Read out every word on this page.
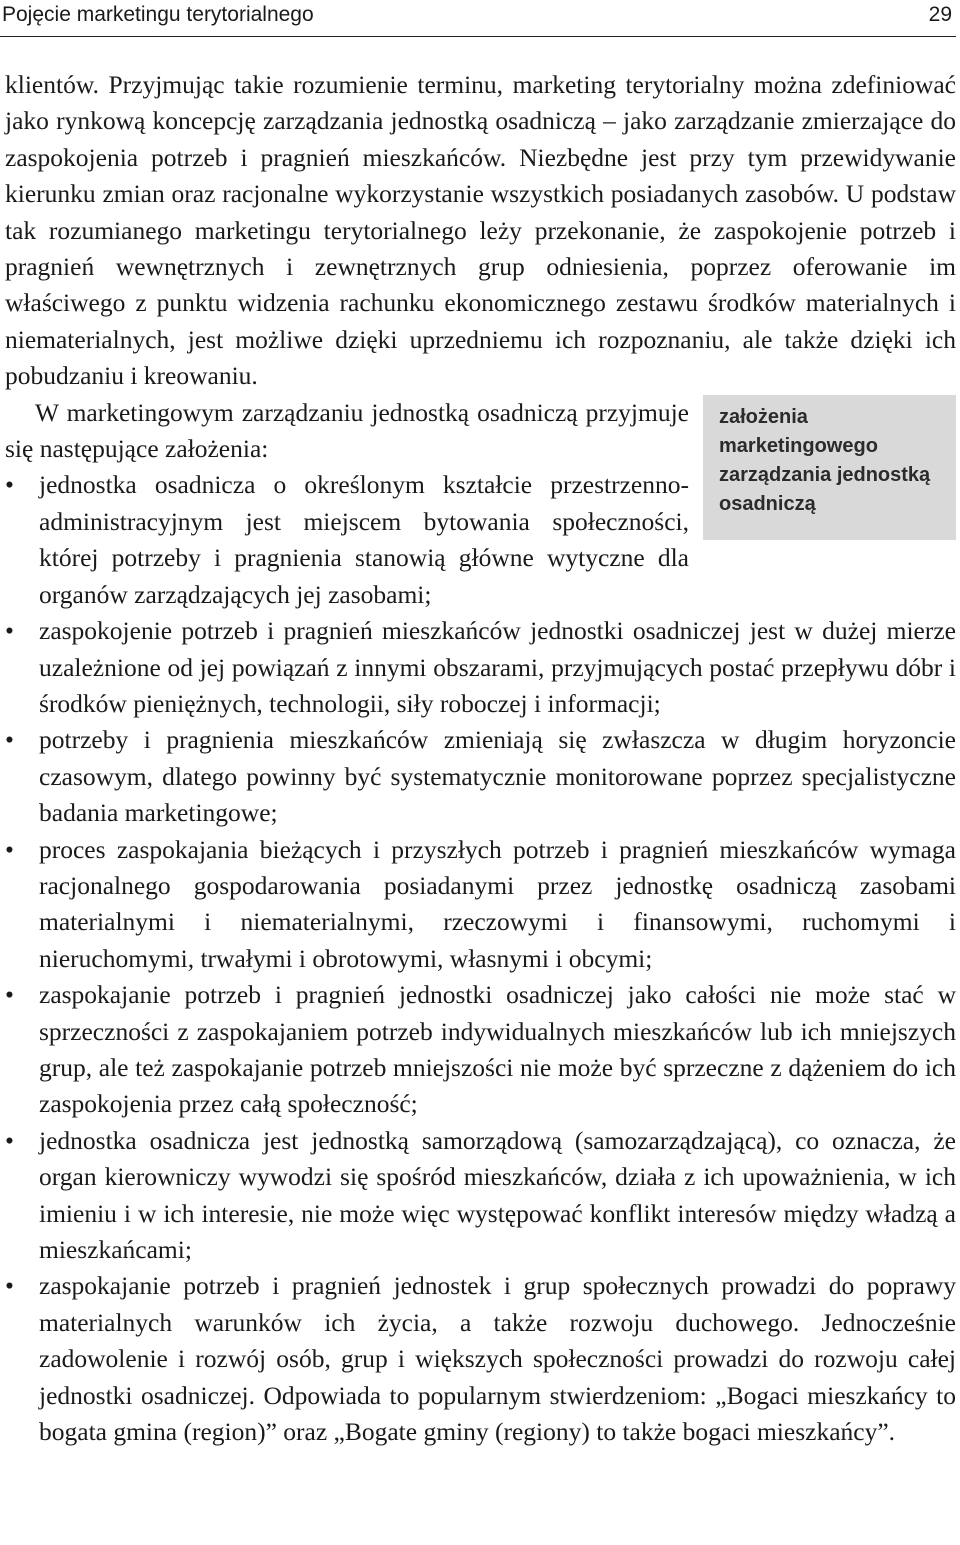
Pojęcie marketingu terytorialnego	29

klientów. Przyjmując takie rozumienie terminu, marketing terytorialny można zdefiniować jako rynkową koncepcję zarządzania jednostką osadniczą – jako zarządzanie zmierzające do zaspokojenia potrzeb i pragnień mieszkańców. Niezbędne jest przy tym przewidywanie kierunku zmian oraz racjonalne wykorzystanie wszystkich posiadanych zasobów. U podstaw tak rozumianego marketingu terytorialnego leży przekonanie, że zaspokojenie potrzeb i pragnień wewnętrznych i zewnętrznych grup odniesienia, poprzez oferowanie im właściwego z punktu widzenia rachunku ekonomicznego zestawu środków materialnych i niematerialnych, jest możliwe dzięki uprzedniemu ich rozpoznaniu, ale także dzięki ich pobudzaniu i kreowaniu.

założenia marketingowego zarządzania jednostką osadniczą

W marketingowym zarządzaniu jednostką osadniczą przyjmuje się następujące założenia:

• jednostka osadnicza o określonym kształcie przestrzenno-administracyjnym jest miejscem bytowania społeczności, której potrzeby i pragnienia stanowią główne wytyczne dla organów zarządzających jej zasobami;
• zaspokojenie potrzeb i pragnień mieszkańców jednostki osadniczej jest w dużej mierze uzależnione od jej powiązań z innymi obszarami, przyjmujących postać przepływu dóbr i środków pieniężnych, technologii, siły roboczej i informacji;
• potrzeby i pragnienia mieszkańców zmieniają się zwłaszcza w długim horyzoncie czasowym, dlatego powinny być systematycznie monitorowane poprzez specjalistyczne badania marketingowe;
• proces zaspokajania bieżących i przyszłych potrzeb i pragnień mieszkańców wymaga racjonalnego gospodarowania posiadanymi przez jednostkę osadniczą zasobami materialnymi i niematerialnymi, rzeczowymi i finansowymi, ruchomymi i nieruchomymi, trwałymi i obrotowymi, własnymi i obcymi;
• zaspokajanie potrzeb i pragnień jednostki osadniczej jako całości nie może stać w sprzeczności z zaspokajaniem potrzeb indywidualnych mieszkańców lub ich mniejszych grup, ale też zaspokajanie potrzeb mniejszości nie może być sprzeczne z dążeniem do ich zaspokojenia przez całą społeczność;
• jednostka osadnicza jest jednostką samorządową (samozarządzającą), co oznacza, że organ kierowniczy wywodzi się spośród mieszkańców, działa z ich upoważnienia, w ich imieniu i w ich interesie, nie może więc występować konflikt interesów między władzą a mieszkańcami;
• zaspokajanie potrzeb i pragnień jednostek i grup społecznych prowadzi do poprawy materialnych warunków ich życia, a także rozwoju duchowego. Jednocześnie zadowolenie i rozwój osób, grup i większych społeczności prowadzi do rozwoju całej jednostki osadniczej. Odpowiada to popularnym stwierdzeniom: „Bogaci mieszkańcy to bogata gmina (region)” oraz „Bogate gminy (regiony) to także bogaci mieszkańcy”.
